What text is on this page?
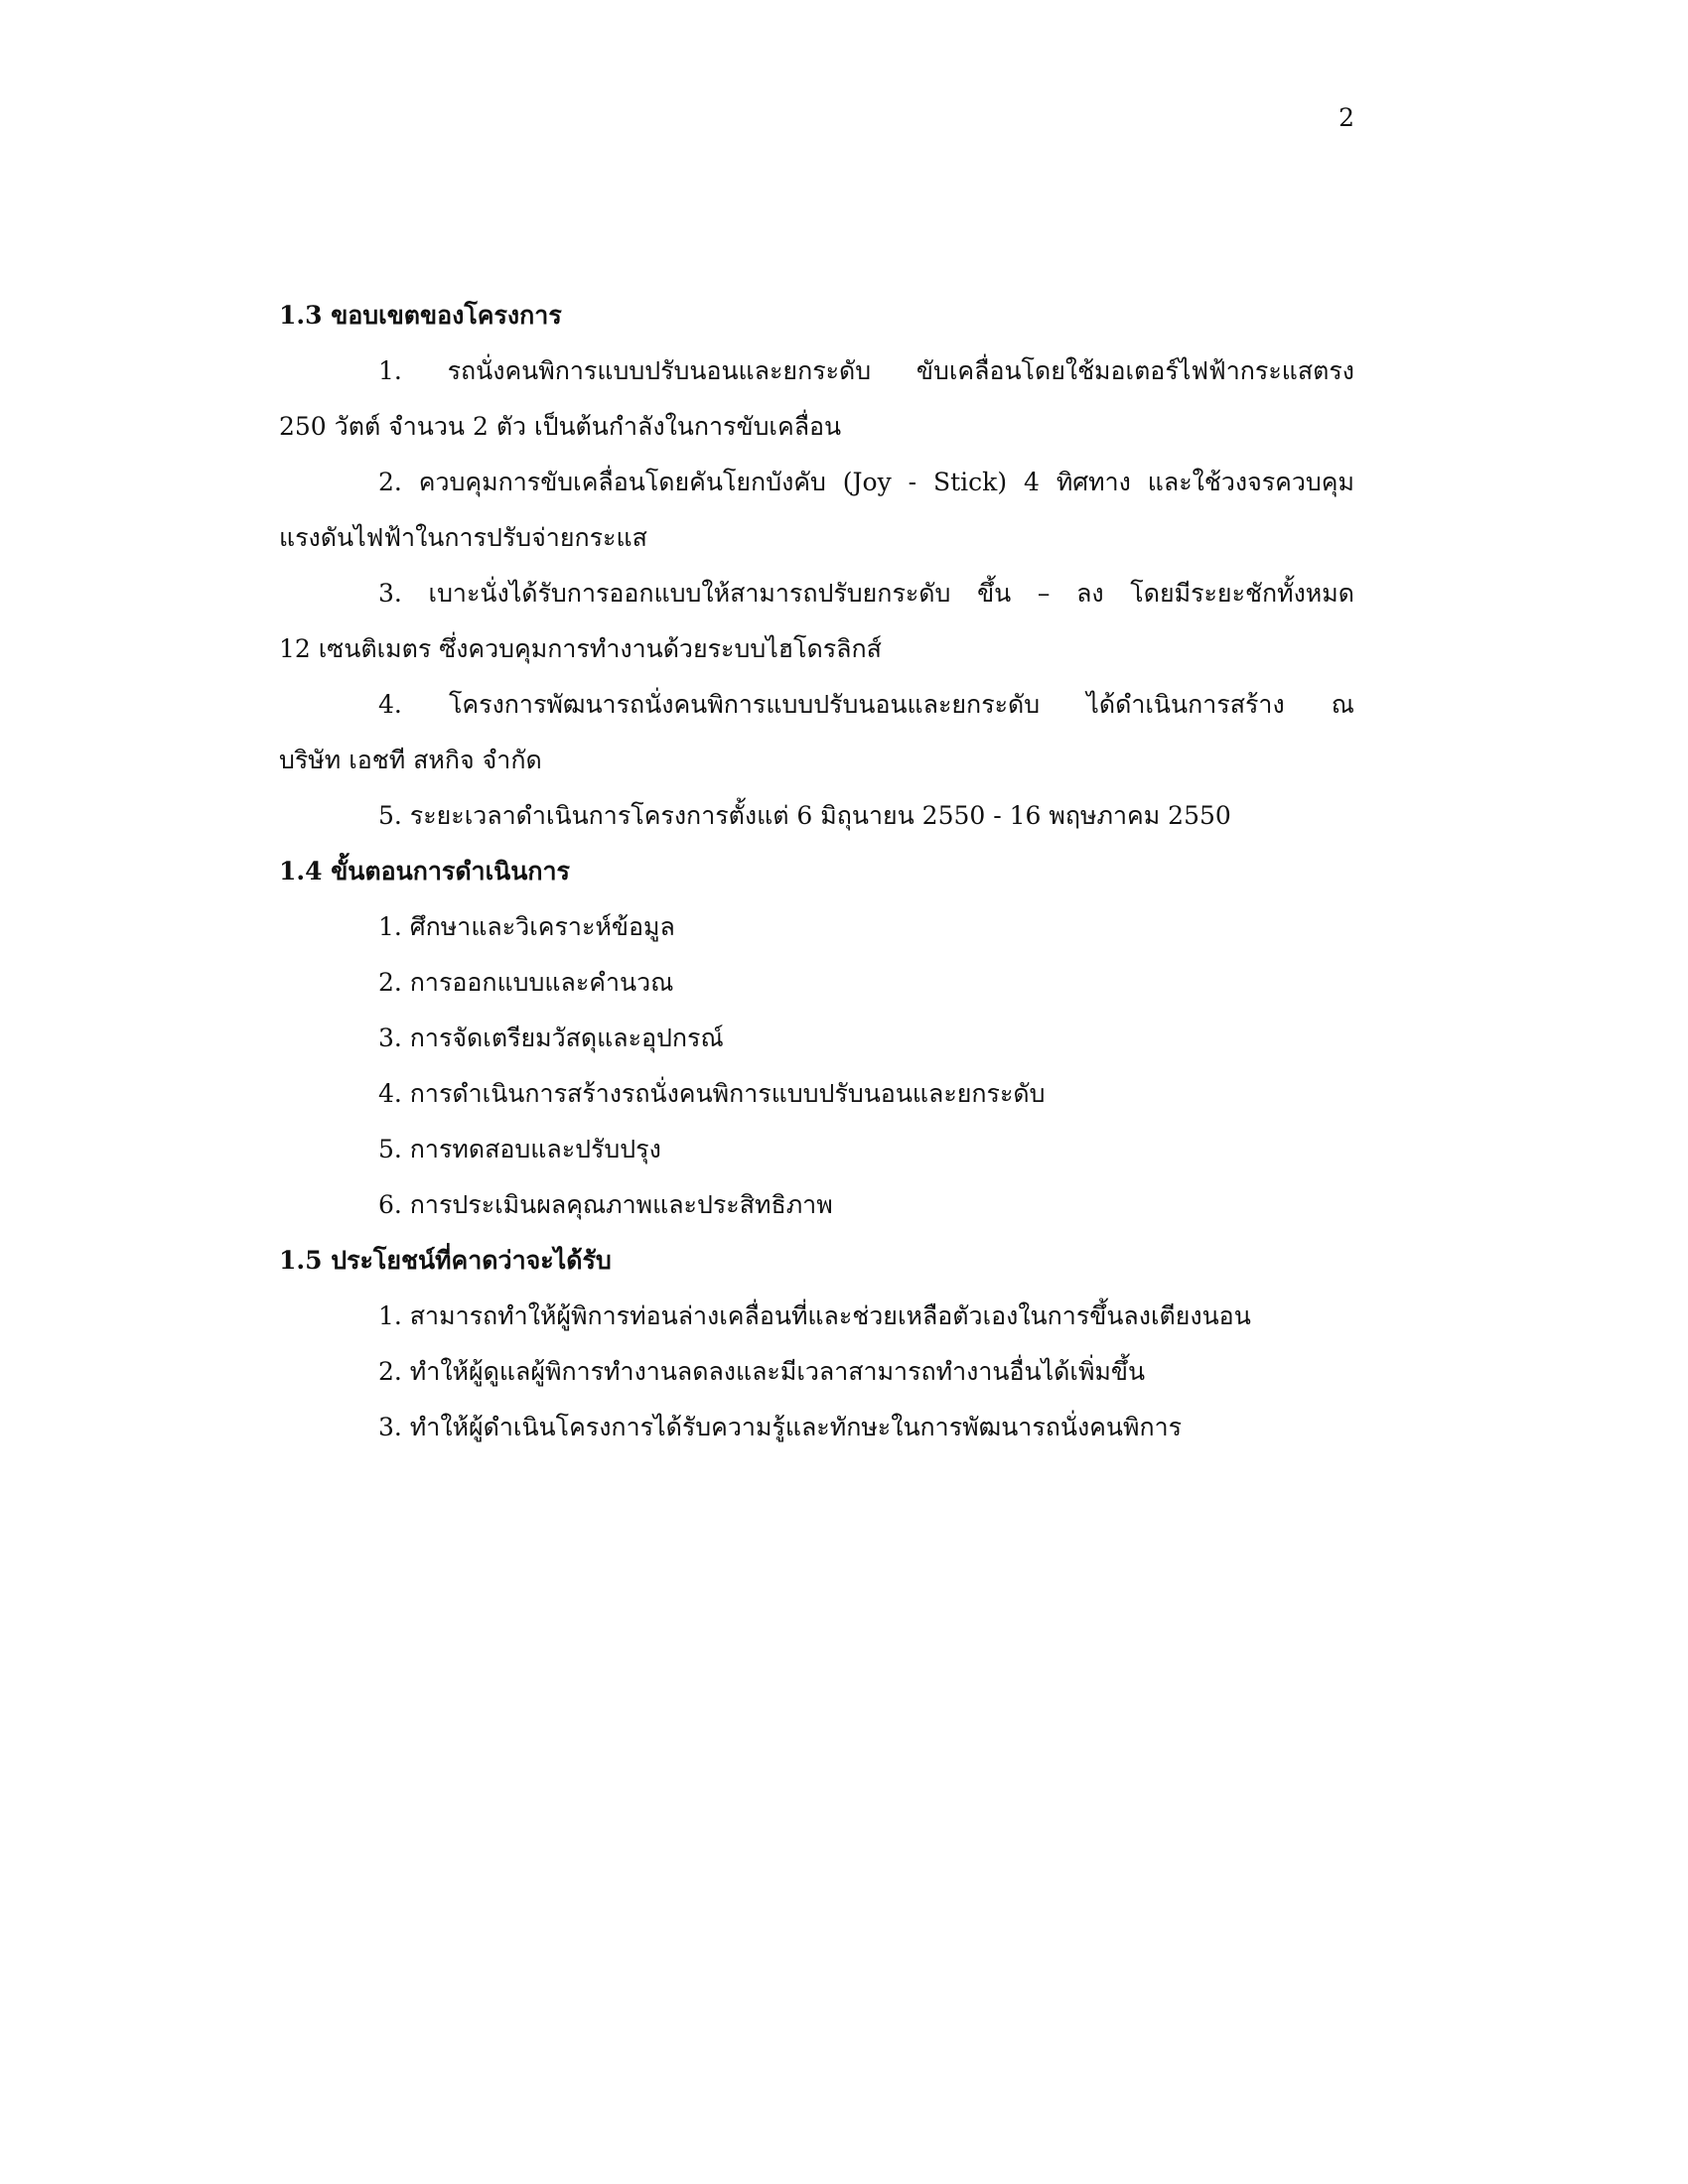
2
1.3 ขอบเขตของโครงการ
1. รถนั่งคนพิการแบบปรับนอนและยกระดับ ขับเคลื่อนโดยใช้มอเตอร์ไฟฟ้ากระแสตรง
250 วัตต์ จำนวน 2 ตัว เป็นต้นกำลังในการขับเคลื่อน
2. ควบคุมการขับเคลื่อนโดยคันโยกบังคับ (Joy - Stick) 4 ทิศทาง และใช้วงจรควบคุม
แรงดันไฟฟ้าในการปรับจ่ายกระแส
3. เบาะนั่งได้รับการออกแบบให้สามารถปรับยกระดับ ขึ้น – ลง โดยมีระยะชักทั้งหมด
12 เซนติเมตร ซึ่งควบคุมการทำงานด้วยระบบไฮโดรลิกส์
4. โครงการพัฒนารถนั่งคนพิการแบบปรับนอนและยกระดับ ได้ดำเนินการสร้าง ณ
บริษัท เอชที สหกิจ จำกัด
5. ระยะเวลาดำเนินการโครงการตั้งแต่ 6 มิถุนายน 2550 - 16 พฤษภาคม 2550
1.4 ขั้นตอนการดำเนินการ
1. ศึกษาและวิเคราะห์ข้อมูล
2. การออกแบบและคำนวณ
3. การจัดเตรียมวัสดุและอุปกรณ์
4. การดำเนินการสร้างรถนั่งคนพิการแบบปรับนอนและยกระดับ
5. การทดสอบและปรับปรุง
6. การประเมินผลคุณภาพและประสิทธิภาพ
1.5 ประโยชน์ที่คาดว่าจะได้รับ
1. สามารถทำให้ผู้พิการท่อนล่างเคลื่อนที่และช่วยเหลือตัวเองในการขึ้นลงเตียงนอน
2. ทำให้ผู้ดูแลผู้พิการทำงานลดลงและมีเวลาสามารถทำงานอื่นได้เพิ่มขึ้น
3. ทำให้ผู้ดำเนินโครงการได้รับความรู้และทักษะในการพัฒนารถนั่งคนพิการ
